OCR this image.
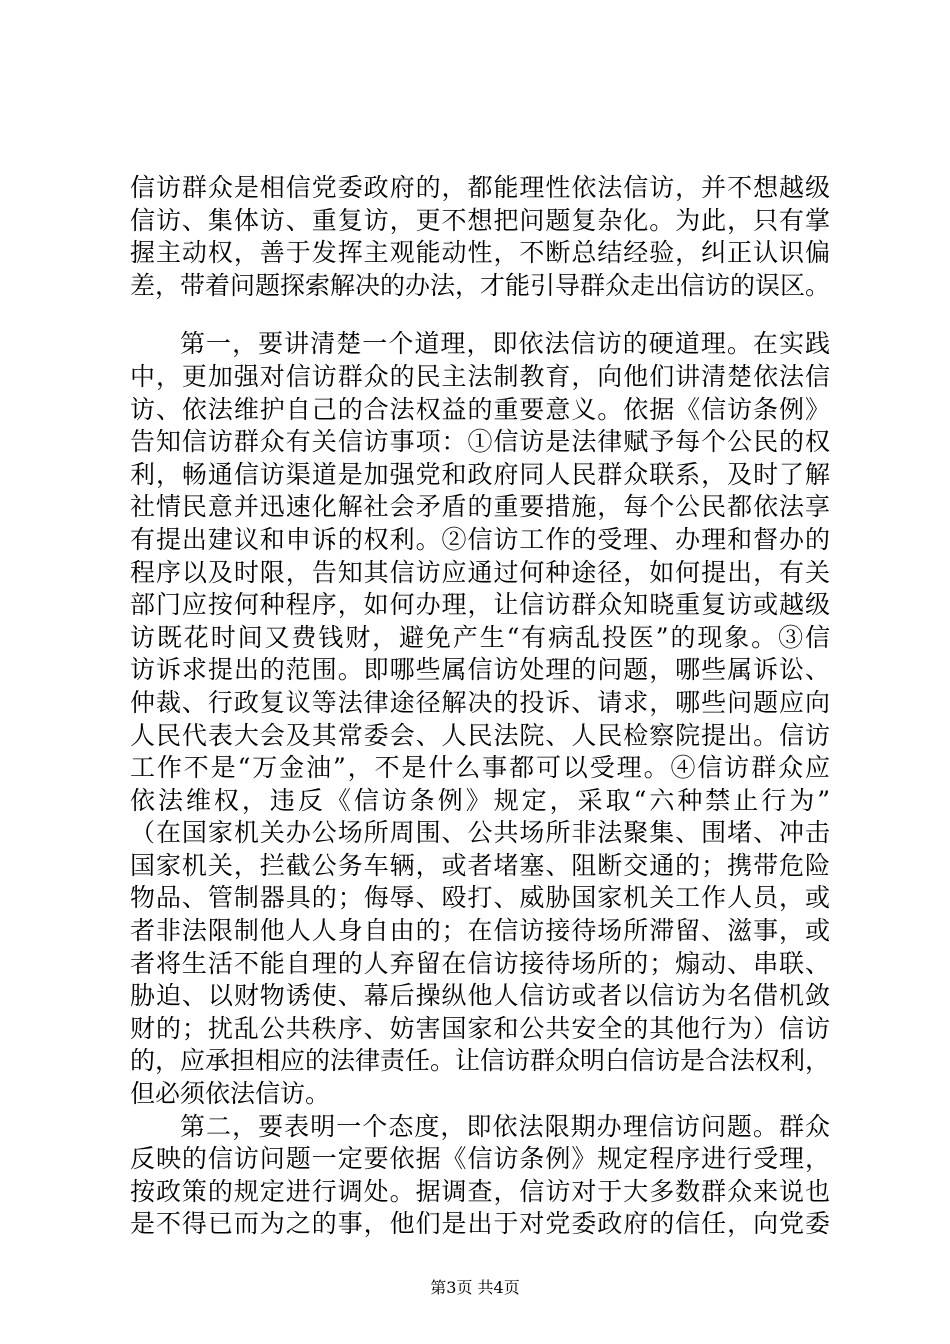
信访群众是相信党委政府的，都能理性依法信访，并不想越级
信访、集体访、重复访，更不想把问题复杂化。为此，只有掌
握主动权，善于发挥主观能动性，不断总结经验，纠正认识偏
差，带着问题探索解决的办法，才能引导群众走出信访的误区。
第一，要讲清楚一个道理，即依法信访的硬道理。在实践
中，更加强对信访群众的民主法制教育，向他们讲清楚依法信
访、依法维护自己的合法权益的重要意义。依据《信访条例》
告知信访群众有关信访事项：①信访是法律赋予每个公民的权
利，畅通信访渠道是加强党和政府同人民群众联系，及时了解
社情民意并迅速化解社会矛盾的重要措施，每个公民都依法享
有提出建议和申诉的权利。②信访工作的受理、办理和督办的
程序以及时限，告知其信访应通过何种途径，如何提出，有关
部门应按何种程序，如何办理，让信访群众知晓重复访或越级
访既花时间又费钱财，避免产生“有病乱投医”的现象。③信
访诉求提出的范围。即哪些属信访处理的问题，哪些属诉讼、
仲裁、行政复议等法律途径解决的投诉、请求，哪些问题应向
人民代表大会及其常委会、人民法院、人民检察院提出。信访
工作不是“万金油”，不是什么事都可以受理。④信访群众应
依法维权，违反《信访条例》规定，采取“六种禁止行为”
（在国家机关办公场所周围、公共场所非法聚集、围堵、冲击
国家机关，拦截公务车辆，或者堵塞、阻断交通的；携带危险
物品、管制器具的；侮辱、殴打、威胁国家机关工作人员，或
者非法限制他人人身自由的；在信访接待场所滞留、滋事，或
者将生活不能自理的人弃留在信访接待场所的；煽动、串联、
胁迫、以财物诱使、幕后操纵他人信访或者以信访为名借机敛
财的；扰乱公共秩序、妨害国家和公共安全的其他行为）信访
的，应承担相应的法律责任。让信访群众明白信访是合法权利，
但必须依法信访。
第二，要表明一个态度，即依法限期办理信访问题。群众
反映的信访问题一定要依据《信访条例》规定程序进行受理，
按政策的规定进行调处。据调查，信访对于大多数群众来说也
是不得已而为之的事，他们是出于对党委政府的信任，向党委
第3页 共4页
